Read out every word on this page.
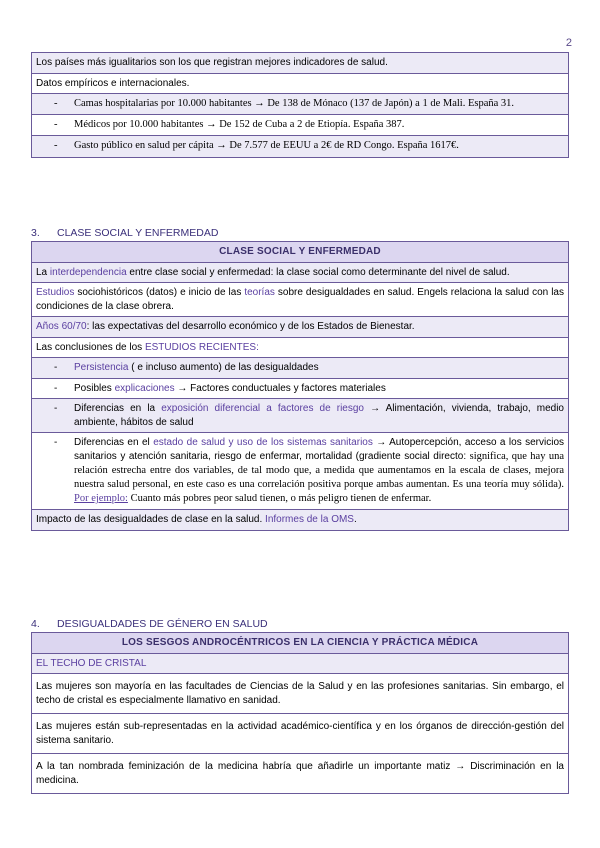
2
Los países más igualitarios son los que registran mejores indicadores de salud.
Datos empíricos e internacionales.

-	Camas hospitalarias por 10.000 habitantes → De 138 de Mónaco (137 de Japón) a 1 de Mali. España 31.

-	Médicos por 10.000 habitantes → De 152 de Cuba a 2 de Etiopía. España 387.

-	Gasto público en salud per cápita → De 7.577 de EEUU a 2€ de RD Congo. España 1617€.
3. CLASE SOCIAL Y ENFERMEDAD
CLASE SOCIAL Y ENFERMEDAD
La interdependencia entre clase social y enfermedad: la clase social como determinante del nivel de salud.
Estudios sociohistóricos (datos) e inicio de las teorías sobre desigualdades en salud. Engels relaciona la salud con las condiciones de la clase obrera.
Años 60/70: las expectativas del desarrollo económico y de los Estados de Bienestar.
Las conclusiones de los ESTUDIOS RECIENTES:

-	Persistencia ( e incluso aumento) de las desigualdades

-	Posibles explicaciones → Factores conductuales y factores materiales

-	Diferencias en la exposición diferencial a factores de riesgo → Alimentación, vivienda, trabajo, medio ambiente, hábitos de salud

-	Diferencias en el estado de salud y uso de los sistemas sanitarios → Autopercepción, acceso a los servicios sanitarios y atención sanitaria, riesgo de enfermar, mortalidad (gradiente social directo: significa, que hay una relación estrecha entre dos variables, de tal modo que, a medida que aumentamos en la escala de clases, mejora nuestra salud personal, en este caso es una correlación positiva porque ambas aumentan. Es una teoría muy sólida). Por ejemplo: Cuanto más pobres peor salud tienen, o más peligro tienen de enfermar.

Impacto de las desigualdades de clase en la salud. Informes de la OMS.
4. DESIGUALDADES DE GÉNERO EN SALUD
LOS SESGOS ANDROCÉNTRICOS EN LA CIENCIA Y PRÁCTICA MÉDICA
EL TECHO DE CRISTAL
Las mujeres son mayoría en las facultades de Ciencias de la Salud y en las profesiones sanitarias. Sin embargo, el techo de cristal es especialmente llamativo en sanidad.
Las mujeres están sub-representadas en la actividad académico-científica y en los órganos de dirección-gestión del sistema sanitario.
A la tan nombrada feminización de la medicina habría que añadirle un importante matiz → Discriminación en la medicina.
